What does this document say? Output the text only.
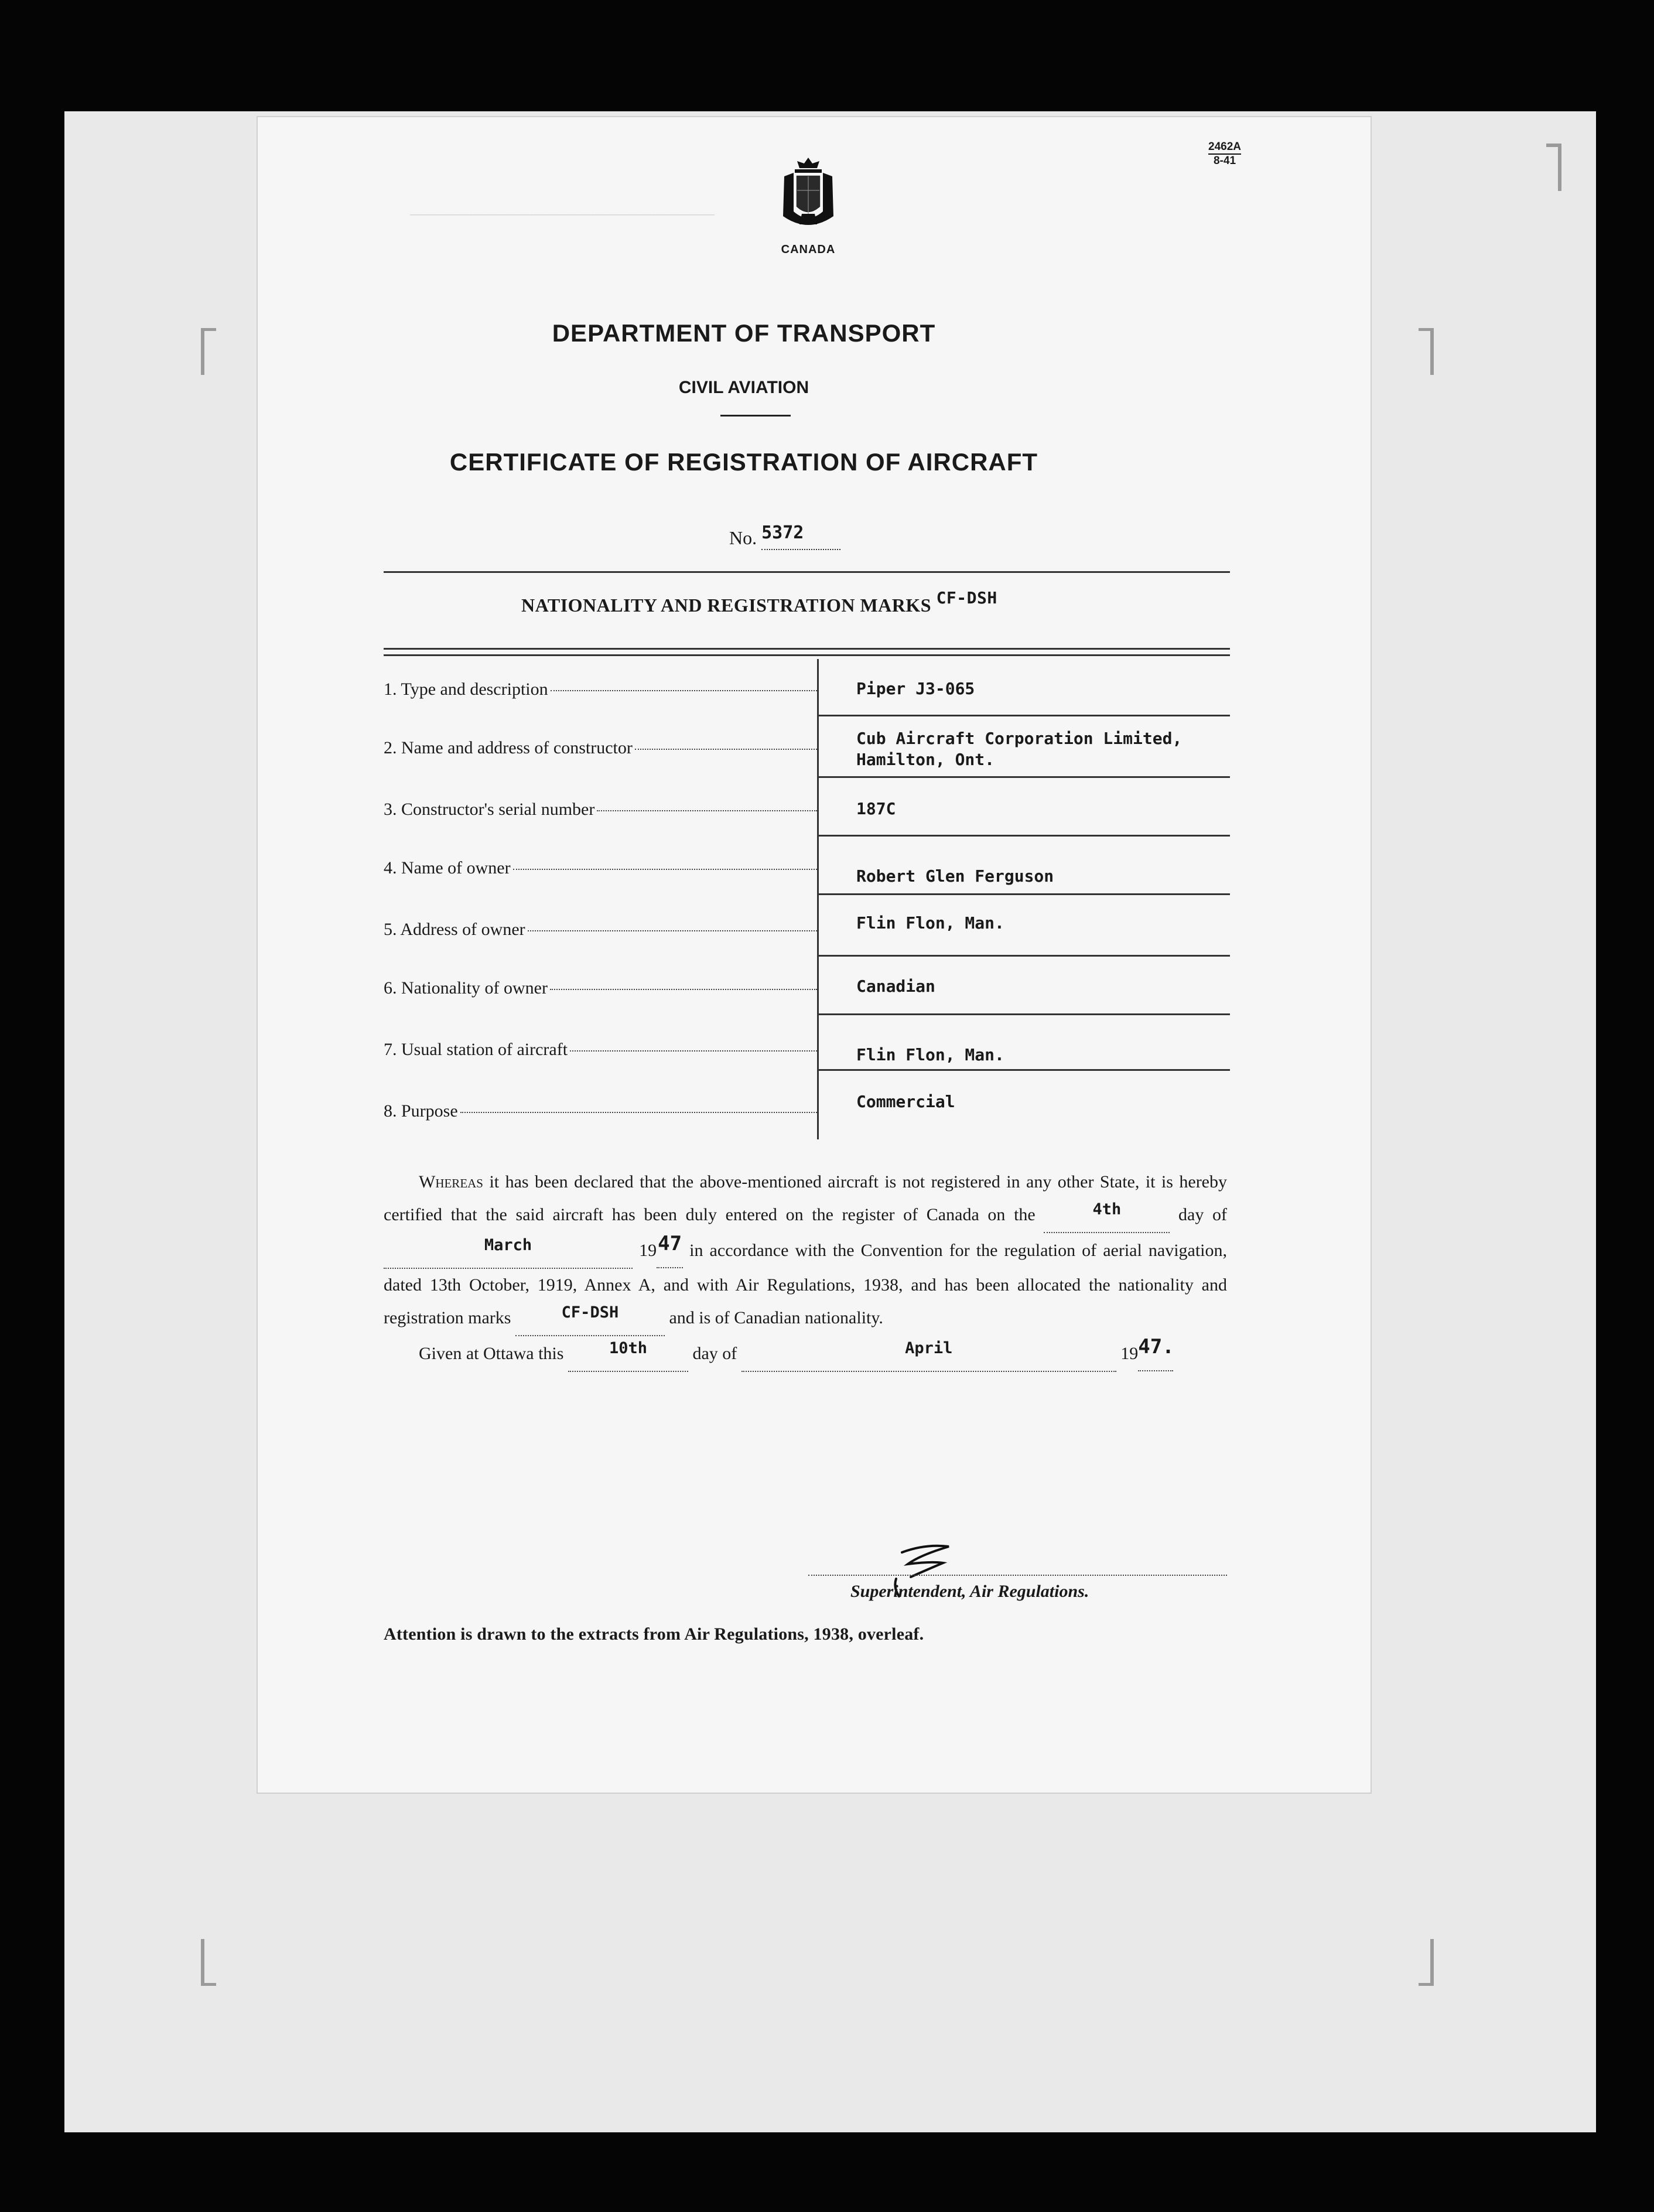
————————————————————
CANADA
2462A
8-41
DEPARTMENT OF TRANSPORT
CIVIL AVIATION
CERTIFICATE OF REGISTRATION OF AIRCRAFT
No. 5372
NATIONALITY AND REGISTRATION MARKS CF-DSH
1. Type and description	Piper J3-065
2. Name and address of constructor	Cub Aircraft Corporation Limited,
Hamilton, Ont.
3. Constructor's serial number	187C
4. Name of owner	Robert Glen Ferguson
5. Address of owner	Flin Flon, Man.
6. Nationality of owner	Canadian
7. Usual station of aircraft	Flin Flon, Man.
8. Purpose	Commercial
Whereas it has been declared that the above-mentioned aircraft is not registered in any other State, it is hereby certified that the said aircraft has been duly entered on the register of Canada on the	4th	day of March	1947 in accordance with the Convention for the regulation of aerial navigation, dated 13th October, 1919, Annex A, and with Air Regulations, 1938, and has been allocated the nationality and registration marks	CF-DSH	and is of Canadian nationality.
Given at Ottawa this	10th	day of	April	1947.
Superintendent, Air Regulations.
Attention is drawn to the extracts from Air Regulations, 1938, overleaf.
